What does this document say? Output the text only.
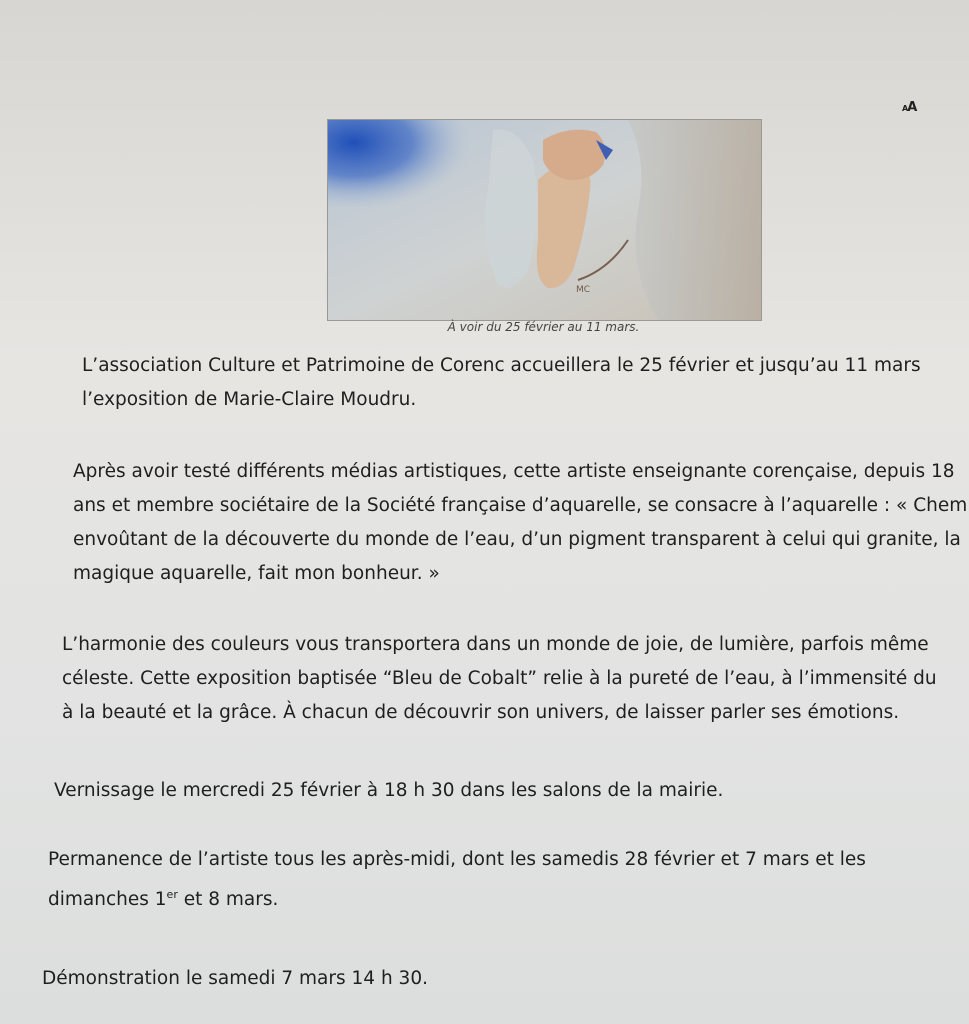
AA
MC
À voir du 25 février au 11 mars.
L’association Culture et Patrimoine de Corenc accueillera le 25 février et jusqu’au 11 mars
l’exposition de Marie-Claire Moudru.
Après avoir testé différents médias artistiques, cette artiste enseignante corençaise, depuis 18
ans et membre sociétaire de la Société française d’aquarelle, se consacre à l’aquarelle : « Chem
envoûtant de la découverte du monde de l’eau, d’un pigment transparent à celui qui granite, la
magique aquarelle, fait mon bonheur. »
L’harmonie des couleurs vous transportera dans un monde de joie, de lumière, parfois même
céleste. Cette exposition baptisée “Bleu de Cobalt” relie à la pureté de l’eau, à l’immensité du
à la beauté et la grâce. À chacun de découvrir son univers, de laisser parler ses émotions.
Vernissage le mercredi 25 février à 18 h 30 dans les salons de la mairie.
Permanence de l’artiste tous les après-midi, dont les samedis 28 février et 7 mars et les
dimanches 1er et 8 mars.
Démonstration le samedi 7 mars 14 h 30.
